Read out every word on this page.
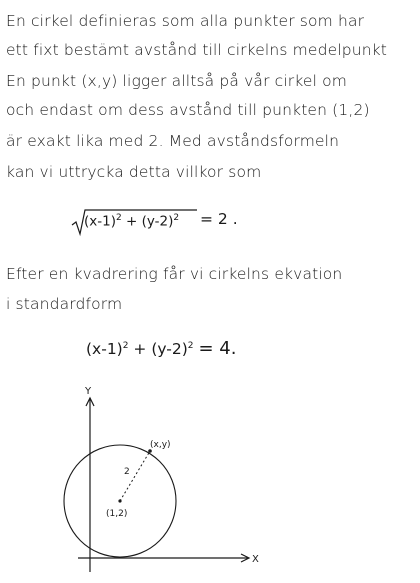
En cirkel definieras som alla punkter som har
ett fixt bestämt avstånd till cirkelns medelpunkt
En punkt (x,y) ligger alltså på vår cirkel om
och endast om dess avstånd till punkten (1,2)
är exakt lika med 2. Med avståndsformeln
kan vi uttrycka detta villkor som
$(x-1)^2 + (y-2)^2 = 2$ .
Efter en kvadrering får vi cirkelns ekvation
i standardform
$(x-1)^2 + (y-2)^2 = 4$.
Y
X
(x,y)
(1,2)
2
